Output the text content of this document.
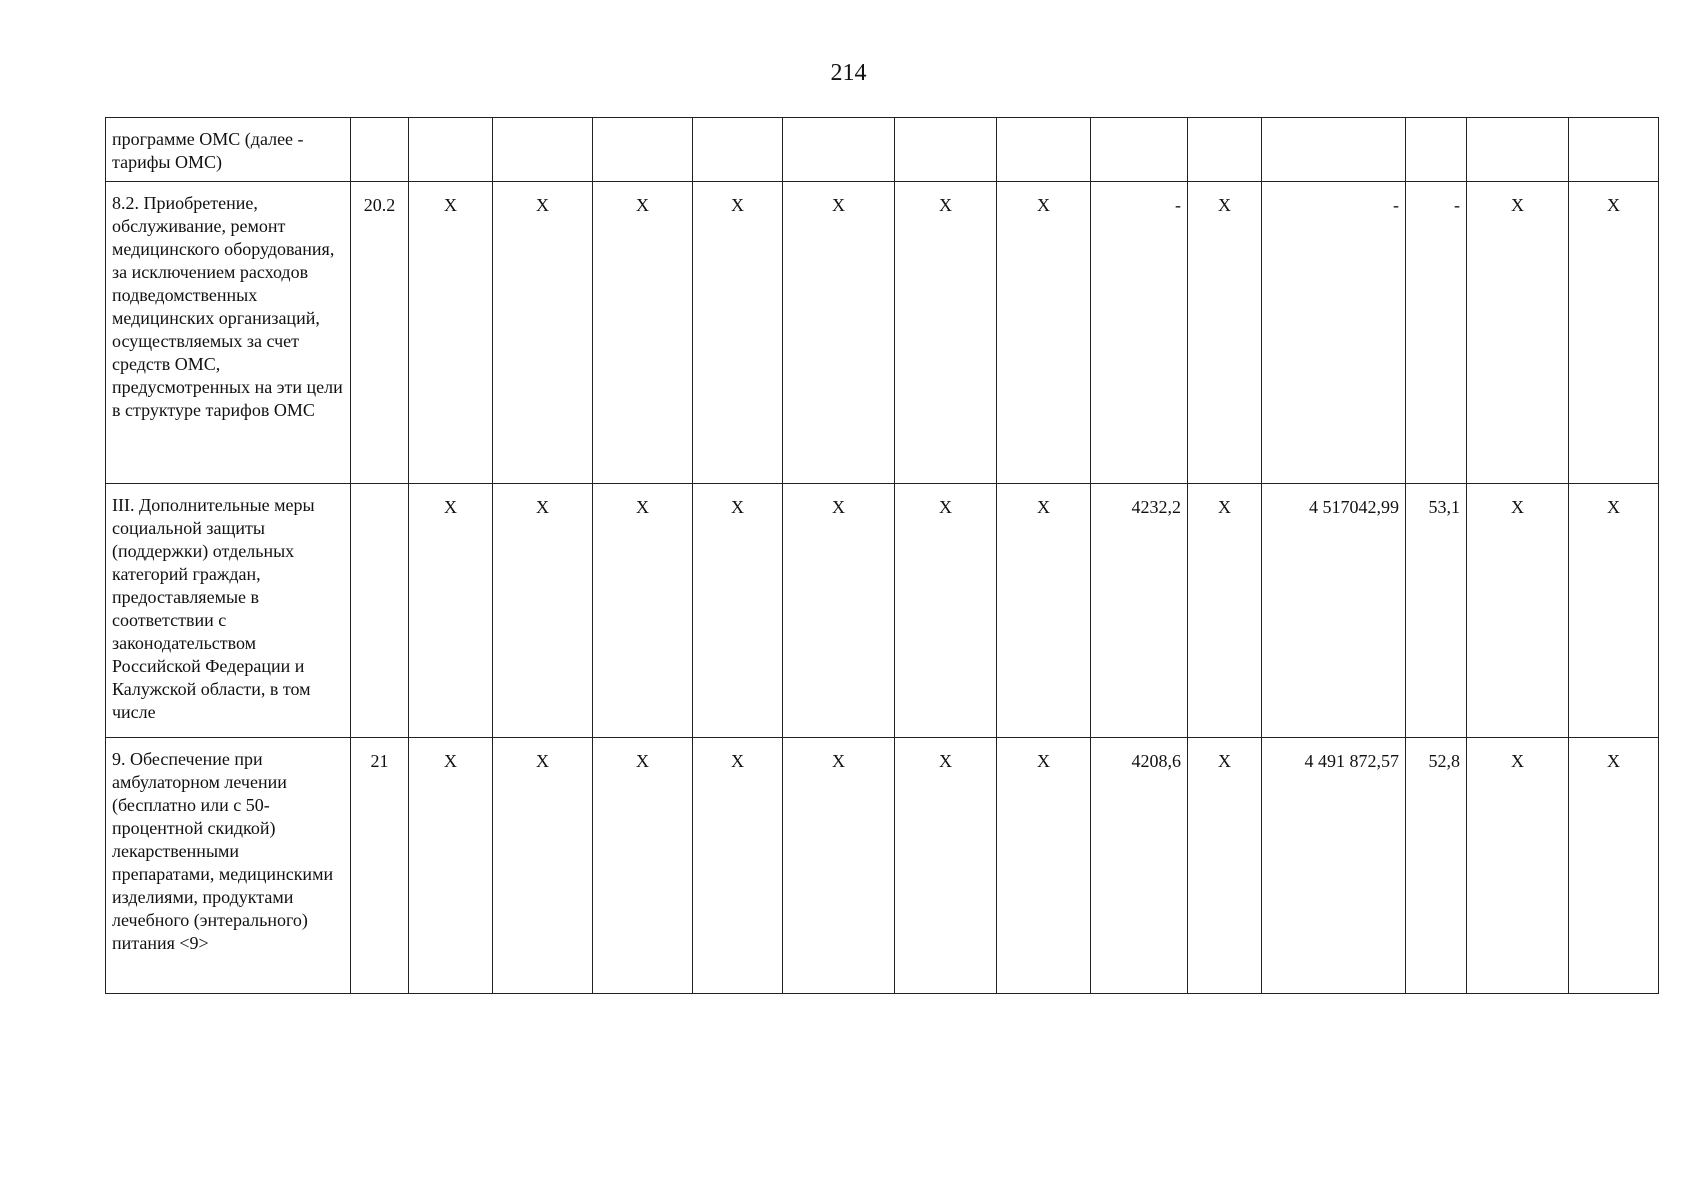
214
программе ОМС (далее - тарифы ОМС)														
8.2. Приобретение, обслуживание, ремонт медицинского оборудования, за исключением расходов подведомственных медицинских организаций, осуществляемых за счет средств ОМС, предусмотренных на эти цели в структуре тарифов ОМС	20.2	X	X	X	X	X	X	X	-	X	-	-	X	X
III. Дополнительные меры социальной защиты (поддержки) отдельных категорий граждан, предоставляемые в соответствии с законодательством Российской Федерации и Калужской области, в том числе		X	X	X	X	X	X	X	4232,2	X	4 517042,99	53,1	X	X
9. Обеспечение при амбулаторном лечении (бесплатно или с 50-процентной скидкой) лекарственными препаратами, медицинскими изделиями, продуктами лечебного (энтерального) питания <9>	21	X	X	X	X	X	X	X	4208,6	X	4 491 872,57	52,8	X	X
